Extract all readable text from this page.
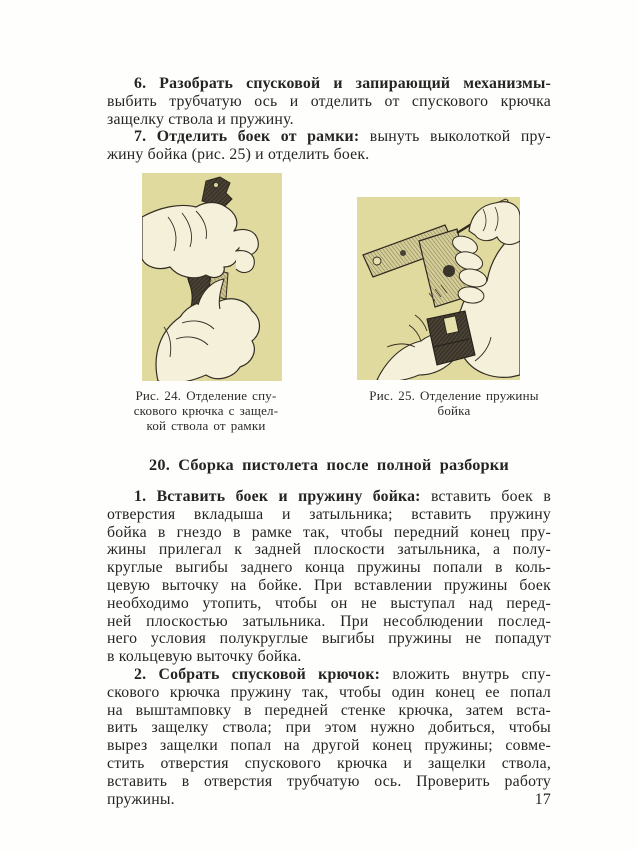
6. Разобрать спусковой и запирающий механизмы-
выбить трубчатую ось и отделить от спускового крючка
защелку ствола и пружину.
7. Отделить боек от рамки: вынуть выколоткой пру-
жину бойка (рис. 25) и отделить боек.
Рис. 24. Отделение спу-
скового крючка с защел-
кой ствола от рамки
Рис. 25. Отделение пружины
бойка
20. Сборка пистолета после полной разборки
1. Вставить боек и пружину бойка: вставить боек в
отверстия вкладыша и затыльника; вставить пружину
бойка в гнездо в рамке так, чтобы передний конец пру-
жины прилегал к задней плоскости затыльника, а полу-
круглые выгибы заднего конца пружины попали в коль-
цевую выточку на бойке. При вставлении пружины боек
необходимо утопить, чтобы он не выступал над перед-
ней плоскостью затыльника. При несоблюдении послед-
него условия полукруглые выгибы пружины не попадут
в кольцевую выточку бойка.
2. Собрать спусковой крючок: вложить внутрь спу-
скового крючка пружину так, чтобы один конец ее попал
на выштамповку в передней стенке крючка, затем вста-
вить защелку ствола; при этом нужно добиться, чтобы
вырез защелки попал на другой конец пружины; совме-
стить отверстия спускового крючка и защелки ствола,
вставить в отверстия трубчатую ось. Проверить работу
17
пружины.
